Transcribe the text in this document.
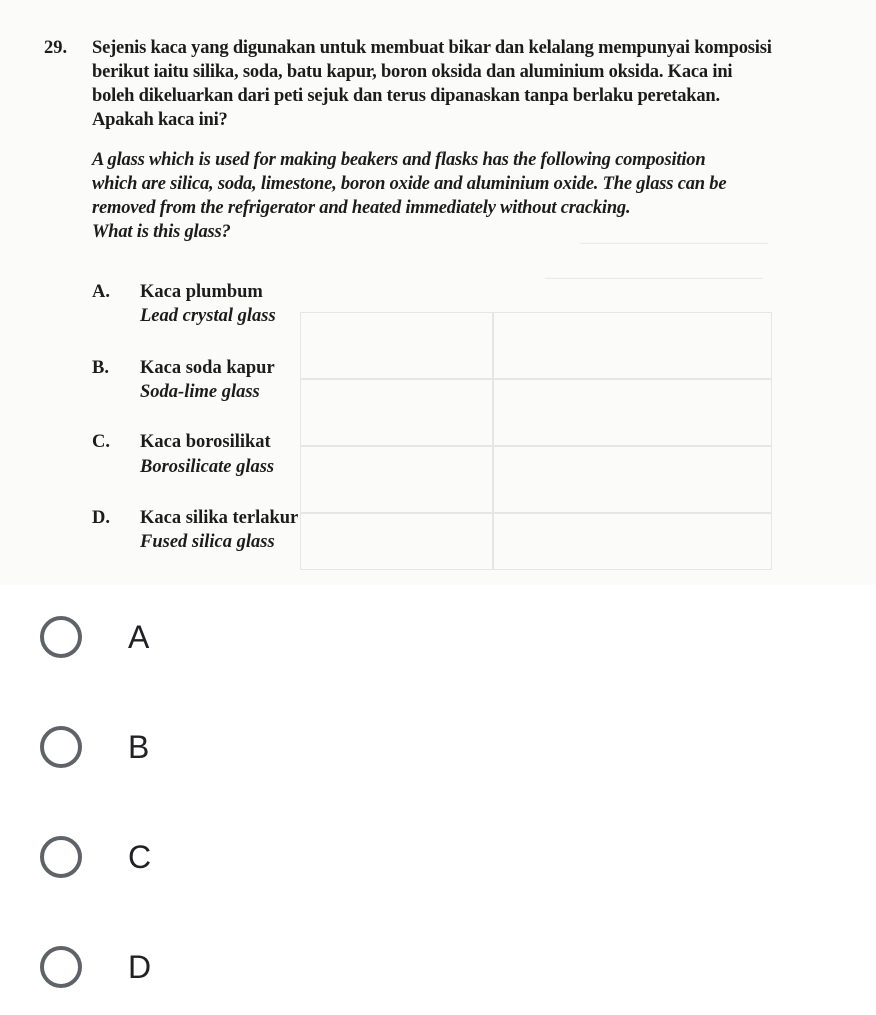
_________________________
_____________________________
29. Sejenis kaca yang digunakan untuk membuat bikar dan kelalang mempunyai komposisi
berikut iaitu silika, soda, batu kapur, boron oksida dan aluminium oksida. Kaca ini
boleh dikeluarkan dari peti sejuk dan terus dipanaskan tanpa berlaku peretakan.
Apakah kaca ini?
A glass which is used for making beakers and flasks has the following composition
which are silica, soda, limestone, boron oxide and aluminium oxide. The glass can be
removed from the refrigerator and heated immediately without cracking.
What is this glass?
A. Kaca plumbum
Lead crystal glass
B. Kaca soda kapur
Soda-lime glass
C. Kaca borosilikat
Borosilicate glass
D. Kaca silika terlakur
Fused silica glass
A
B
C
D
